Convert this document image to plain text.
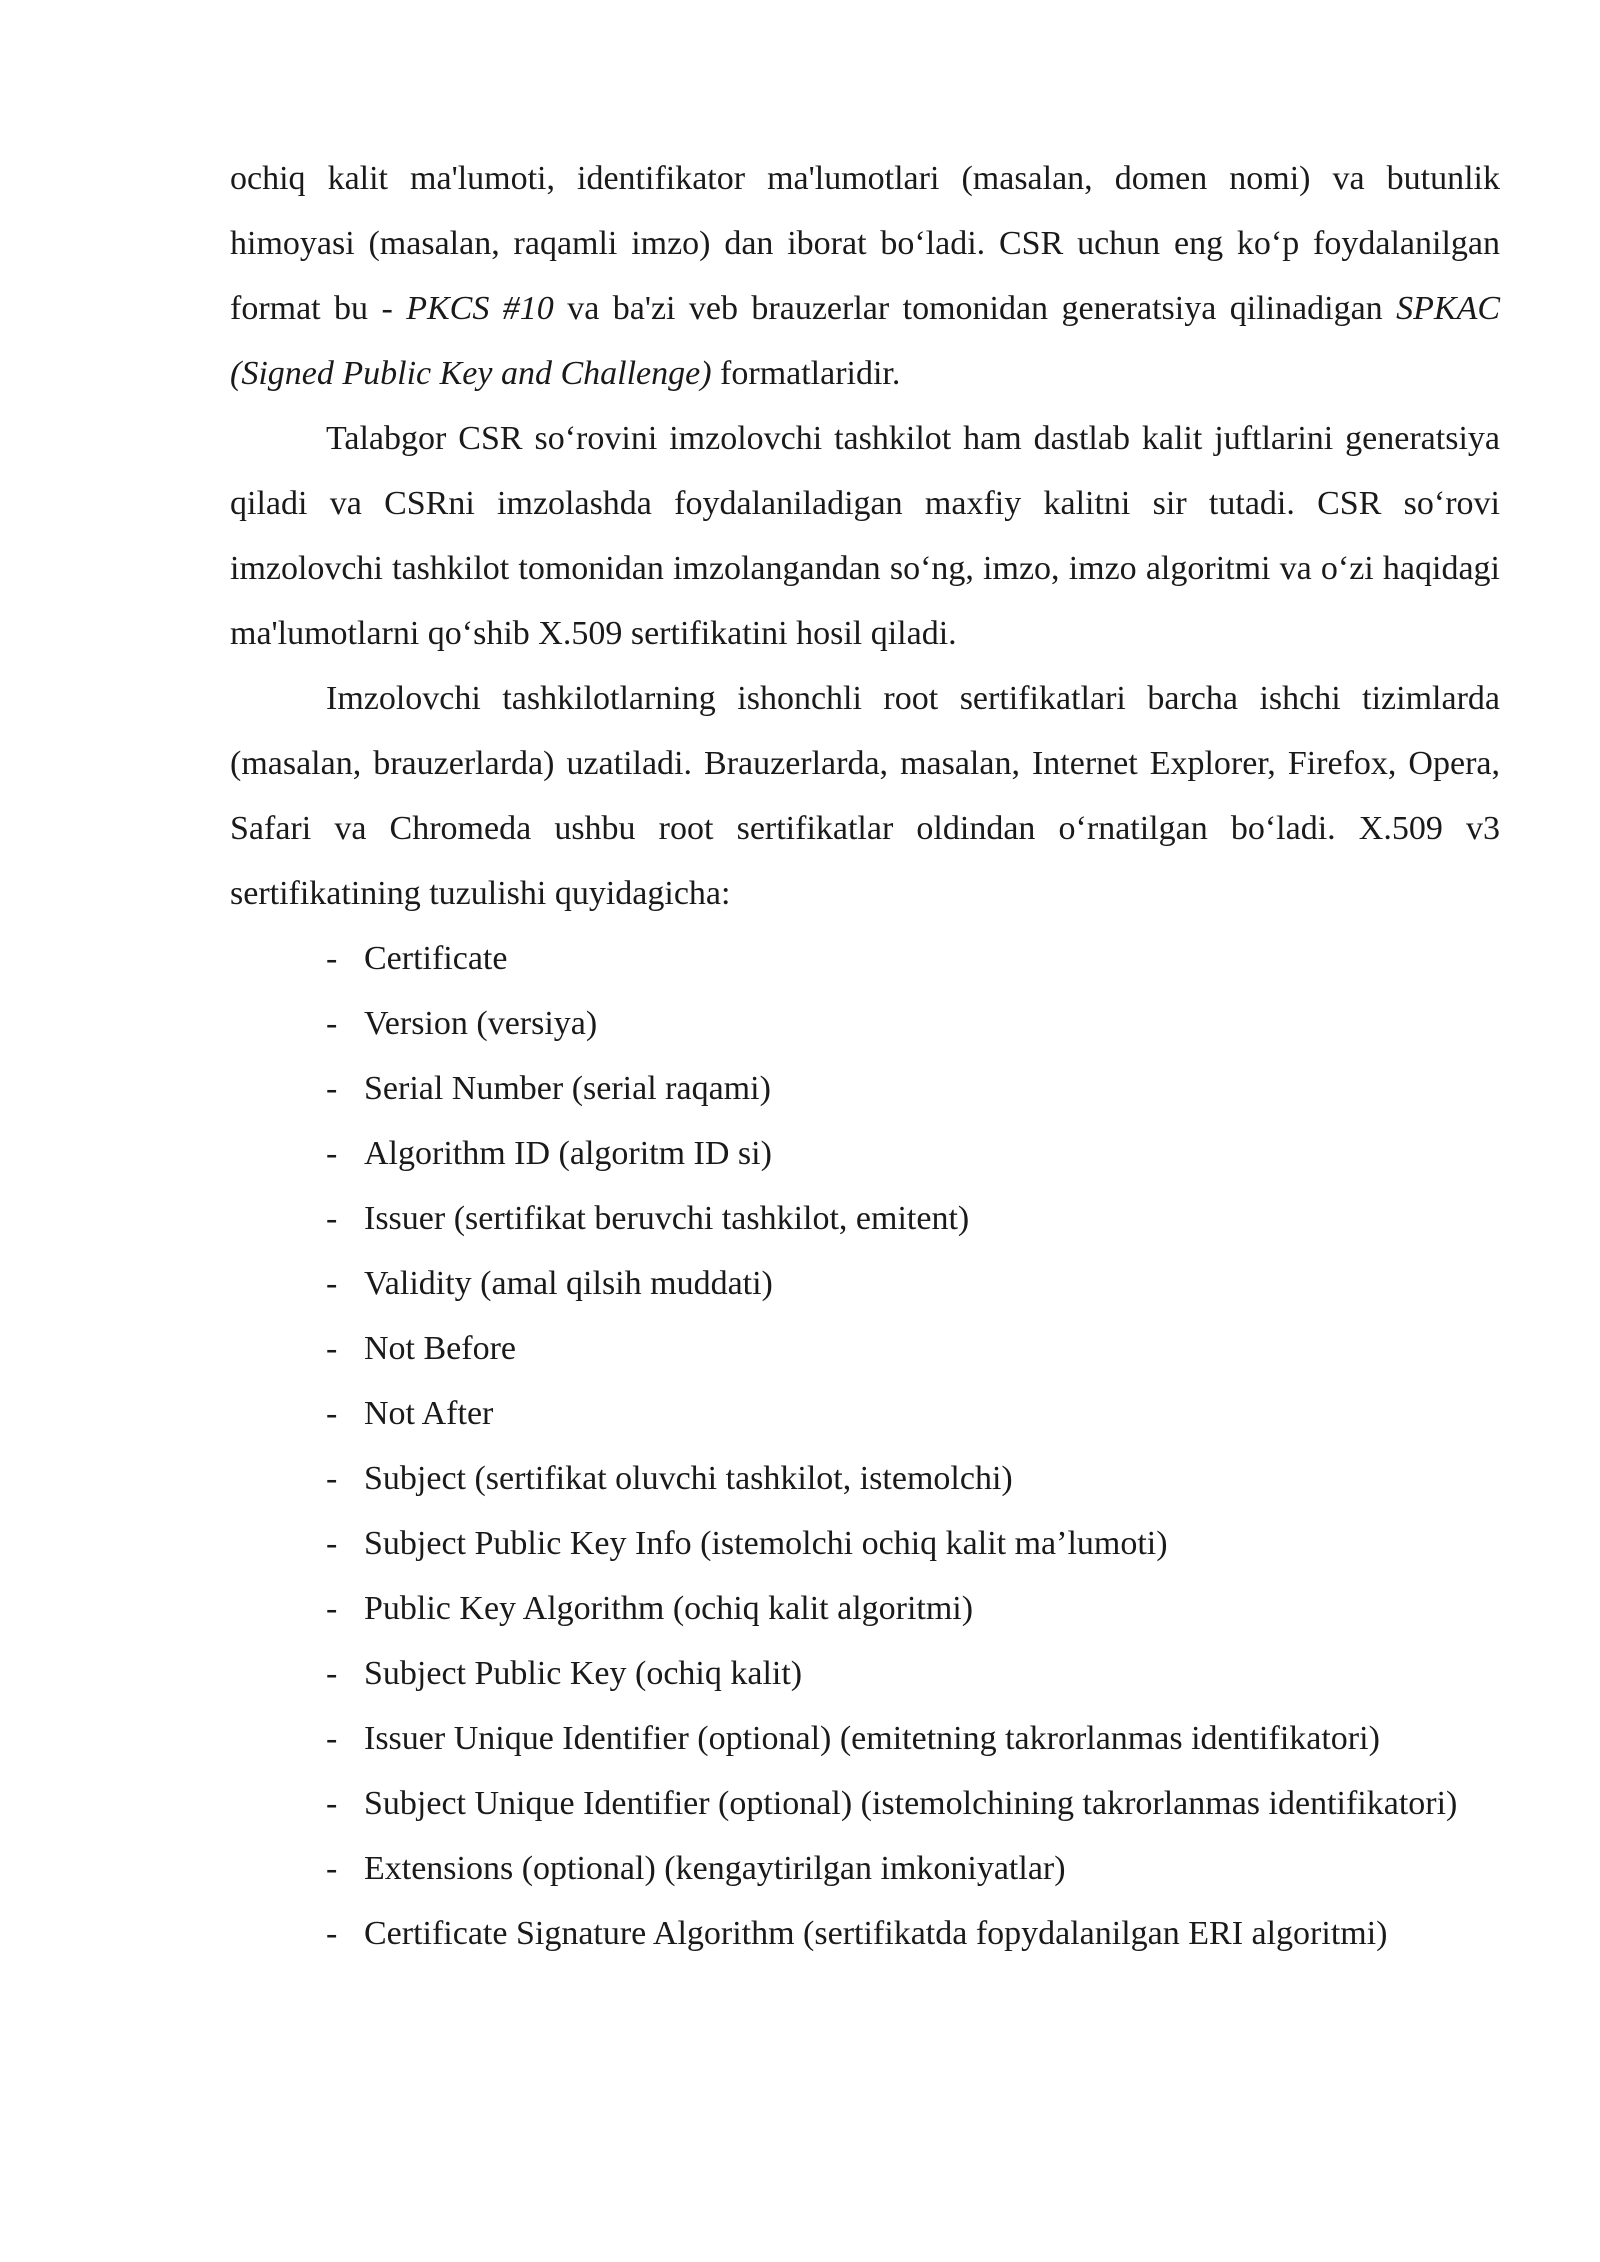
ochiq kalit ma'lumoti, identifikator ma'lumotlari (masalan, domen nomi) va butunlik himoyasi (masalan, raqamli imzo) dan iborat bo‘ladi. CSR uchun eng ko‘p foydalanilgan format bu - PKCS #10 va ba'zi veb brauzerlar tomonidan generatsiya qilinadigan SPKAC (Signed Public Key and Challenge) formatlaridir.

Talabgor CSR so‘rovini imzolovchi tashkilot ham dastlab kalit juftlarini generatsiya qiladi va CSRni imzolashda foydalaniladigan maxfiy kalitni sir tutadi. CSR so‘rovi imzolovchi tashkilot tomonidan imzolangandan so‘ng, imzo, imzo algoritmi va o‘zi haqidagi ma'lumotlarni qo‘shib X.509 sertifikatini hosil qiladi.

Imzolovchi tashkilotlarning ishonchli root sertifikatlari barcha ishchi tizimlarda (masalan, brauzerlarda) uzatiladi. Brauzerlarda, masalan, Internet Explorer, Firefox, Opera, Safari va Chromeda ushbu root sertifikatlar oldindan o‘rnatilgan bo‘ladi. X.509 v3 sertifikatining tuzulishi quyidagicha:

- Certificate
- Version (versiya)
- Serial Number (serial raqami)
- Algorithm ID (algoritm ID si)
- Issuer (sertifikat beruvchi tashkilot, emitent)
- Validity (amal qilsih muddati)
- Not Before
- Not After
- Subject (sertifikat oluvchi tashkilot, istemolchi)
- Subject Public Key Info (istemolchi ochiq kalit ma’lumoti)
- Public Key Algorithm (ochiq kalit algoritmi)
- Subject Public Key (ochiq kalit)
- Issuer Unique Identifier (optional) (emitetning takrorlanmas identifikatori)
- Subject Unique Identifier (optional) (istemolchining takrorlanmas identifikatori)
- Extensions (optional) (kengaytirilgan imkoniyatlar)
- Certificate Signature Algorithm (sertifikatda fopydalanilgan ERI algoritmi)
